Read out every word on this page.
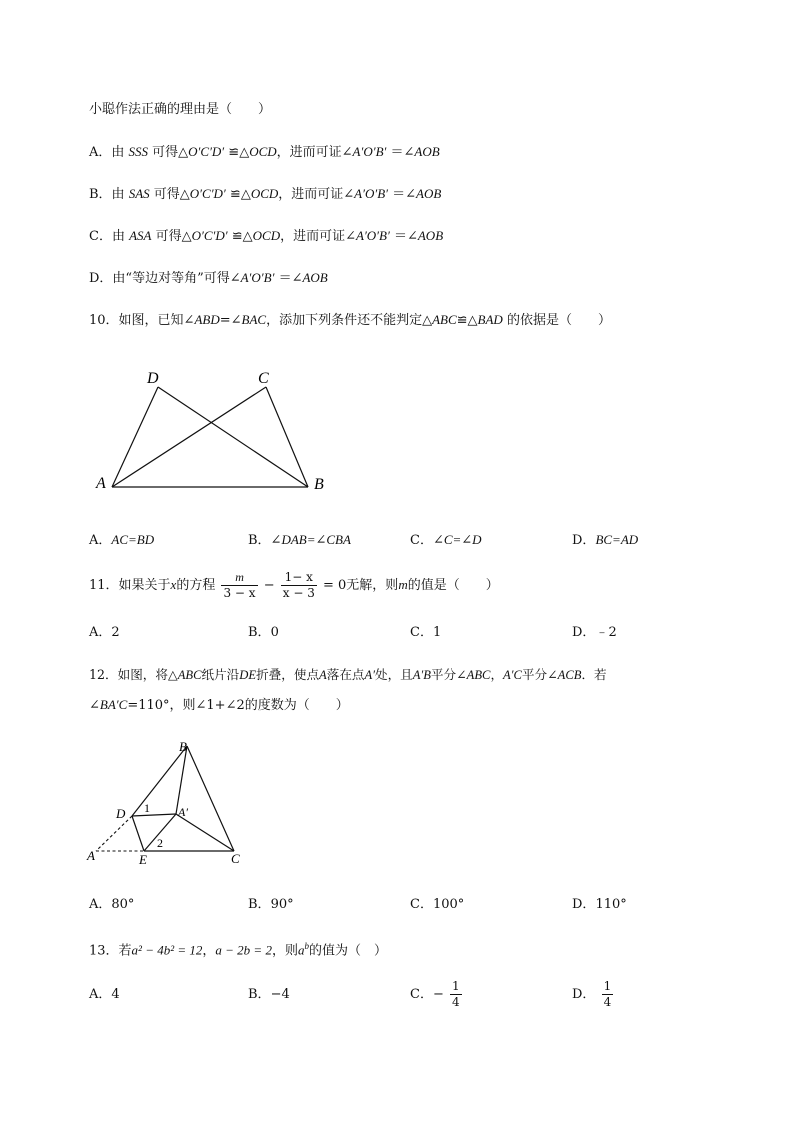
小聪作法正确的理由是（　　）
A．由 SSS 可得△O′C′D′ ≌△OCD，进而可证∠A′O′B′ ＝∠AOB
B．由 SAS 可得△O′C′D′ ≌△OCD，进而可证∠A′O′B′ ＝∠AOB
C．由 ASA 可得△O′C′D′ ≌△OCD，进而可证∠A′O′B′ ＝∠AOB
D．由“等边对等角”可得∠A′O′B′ ＝∠AOB
10．如图，已知∠ABD=∠BAC，添加下列条件还不能判定△ABC≌△BAD 的依据是（　　）
D	C
A	B
A．AC=BD	B．∠DAB=∠CBA	C．∠C=∠D	D．BC=AD
11．如果关于x的方程 $\frac{m}{3 - x} - \frac{1- x}{x - 3} = 0$无解，则m的值是（　　）
A．2	B．0	C．1	D．﹣2
12．如图，将△ABC纸片沿DE折叠，使点A落在点A′处，且A′B平分∠ABC，A′C平分∠ACB．若
∠BA′C=110°，则∠1+∠2的度数为（　　）
B
D	A′
A	E	C
1
2
A．80°	B．90°	C．100°	D．110°
13．若a² − 4b² = 12，a − 2b = 2，则$a^b$的值为（　）
A．4	B．−4	C．− $\frac{1}{4}$	D． $\frac{1}{4}$
